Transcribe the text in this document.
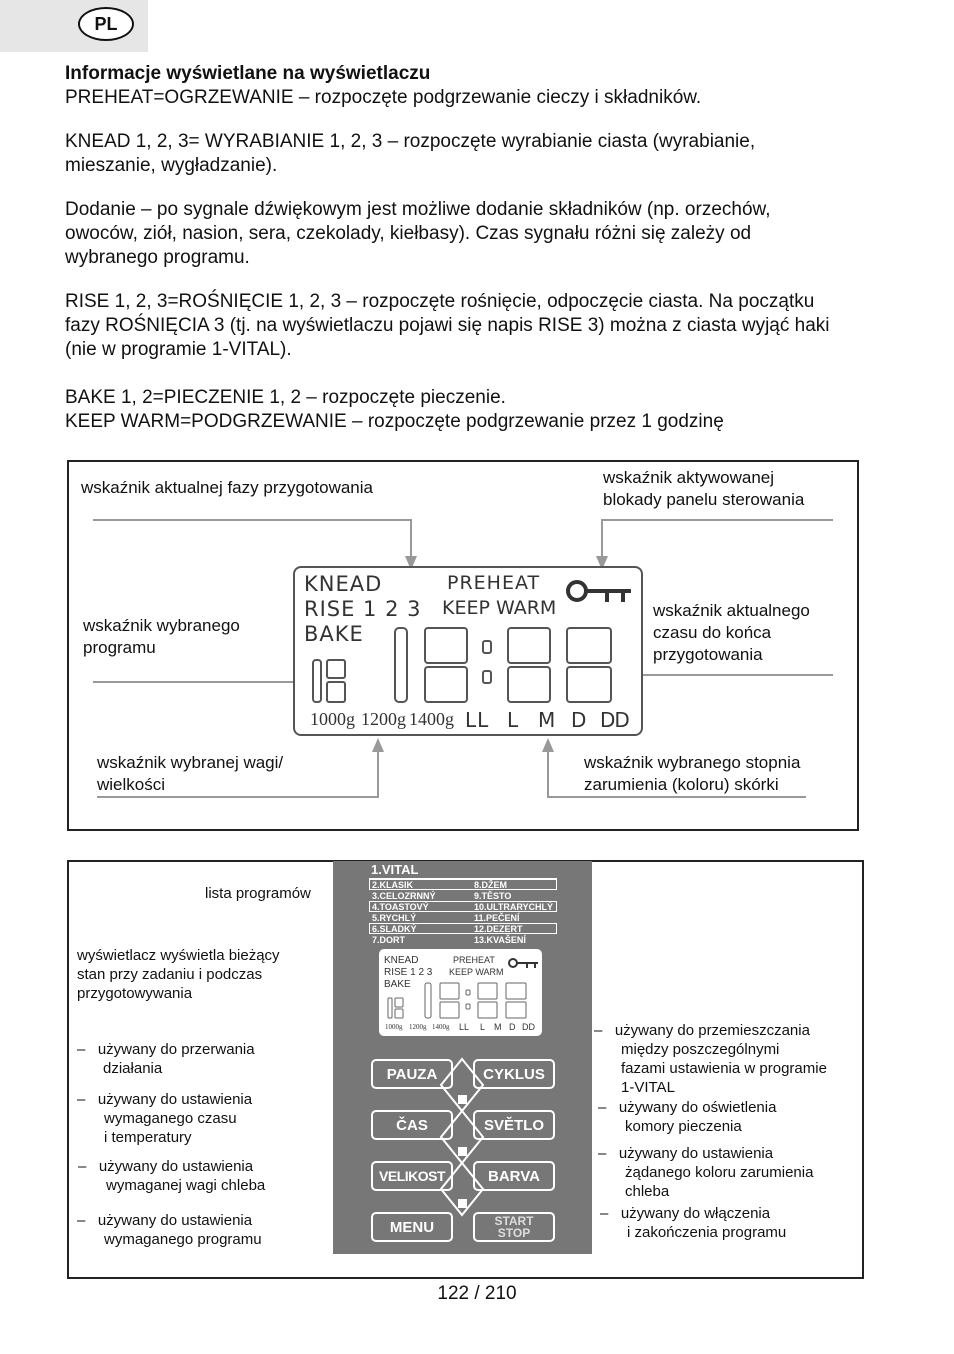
PL

Informacje wyświetlane na wyświetlaczu

PREHEAT=OGRZEWANIE – rozpoczęte podgrzewanie cieczy i składników.

KNEAD 1, 2, 3= WYRABIANIE 1, 2, 3 – rozpoczęte wyrabianie ciasta (wyrabianie,

mieszanie, wygładzanie).

Dodanie – po sygnale dźwiękowym jest możliwe dodanie składników (np. orzechów,

owoców, ziół, nasion, sera, czekolady, kiełbasy). Czas sygnału różni się zależy od

wybranego programu.

RISE 1, 2, 3=ROŚNIĘCIE 1, 2, 3 – rozpoczęte rośnięcie, odpoczęcie ciasta. Na początku

fazy ROŚNIĘCIA 3 (tj. na wyświetlaczu pojawi się napis RISE 3) można z ciasta wyjąć haki

(nie w programie 1-VITAL).

BAKE 1, 2=PIECZENIE 1, 2 – rozpoczęte pieczenie.

KEEP WARM=PODGRZEWANIE – rozpoczęte podgrzewanie przez 1 godzinę

wskaźnik aktualnej fazy przygotowania
wskaźnik aktywowanej
blokady panelu sterowania
wskaźnik wybranego
programu
wskaźnik aktualnego
czasu do końca
przygotowania
wskaźnik wybranej wagi/
wielkości
wskaźnik wybranego stopnia
zarumienia (koloru) skórki
KNEAD	PREHEAT
RISE 1 2 3 KEEP WARM
BAKE
1000g 1200g 1400g LL L M D DD
lista programów
wyświetlacz wyświetla bieżący
stan przy zadaniu i podczas
przygotowywania
–   używany do przerwania
działania
–   używany do ustawienia
wymaganego czasu
i temperatury
–   używany do ustawienia
wymaganej wagi chleba
–   używany do ustawienia
wymaganego programu
–   używany do przemieszczania
między poszczególnymi
fazami ustawienia w programie
1-VITAL
–   używany do oświetlenia
komory pieczenia
–   używany do ustawienia
żądanego koloru zarumienia
chleba
–   używany do włączenia
i zakończenia programu
1.VITAL
2.KLASIK	8.DŽEM
3.CELOZRNNÝ	9.TĚSTO
4.TOASTOVÝ	10.ULTRARYCHLÝ
5.RYCHLÝ	11.PEČENÍ
6.SLADKÝ	12.DEZERT
7.DORT	13.KVAŠENÍ
KNEAD	PREHEAT
RISE 1 2 3 KEEP WARM
BAKE
1000g 1200g 1400g LL L M D DD
PAUZA	CYKLUS
ČAS	SVĚTLO
VELIKOST	BARVA
MENU	START
STOP
122 / 210
